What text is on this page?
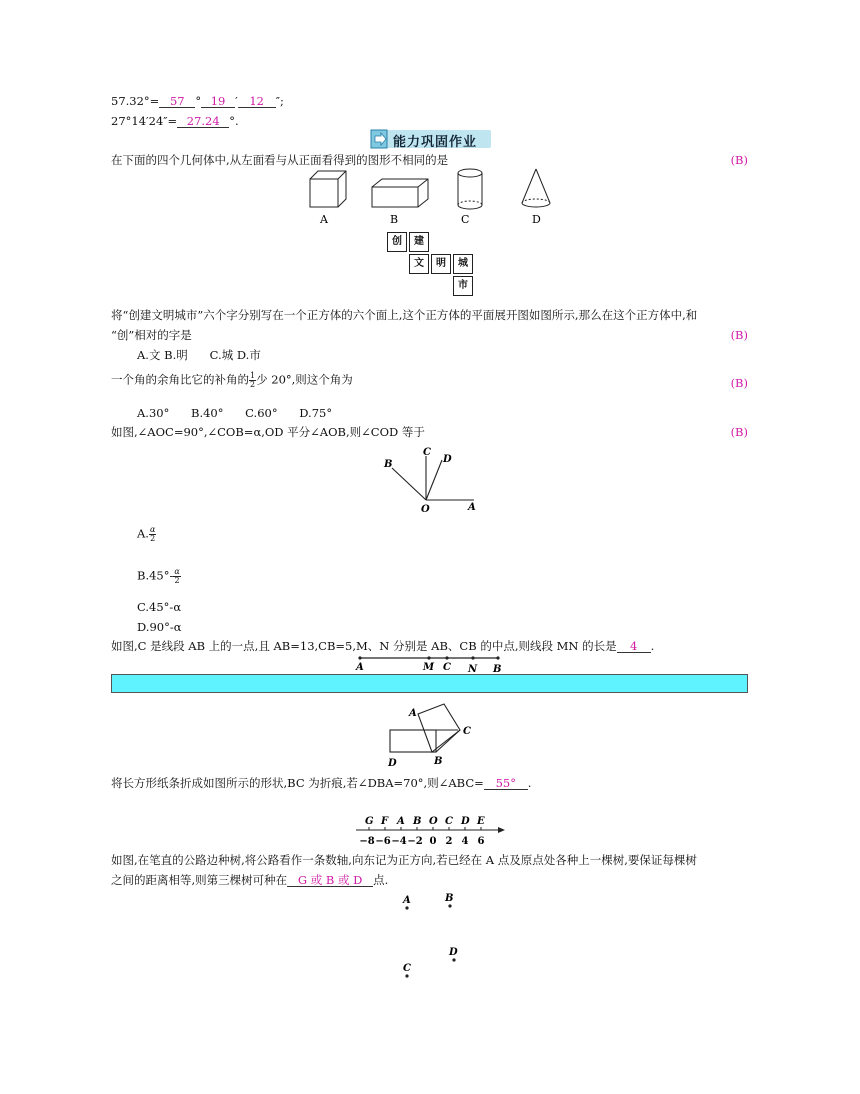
57.32°= 57 ° 19 ′ 12 ″;
27°14′24″= 27.24 °.
能力巩固作业
在下面的四个几何体中,从左面看与从正面看得到的图形不相同的是	(B)
A	B	C	D
创	建
文	明	城
市
将“创建文明城市”六个字分别写在一个正方体的六个面上,这个正方体的平面展开图如图所示,那么在这个正方体中,和
“创”相对的字是	(B)
A.文 B.明      C.城 D.市
一个角的余角比它的补角的 $\frac{1}{2}$ 少 20°,则这个角为	(B)
A.30° B.40° C.60° D.75°
如图,∠AOC=90°,∠COB=α,OD 平分∠AOB,则∠COD 等于	(B)
B
C
D
O	A
A. $\frac{\alpha}{2}$
$B.45^\circ- \frac{\alpha}{2}$
C.45°-α
D.90°-α
如图,C 是线段 AB 上的一点,且 AB=13,CB=5,M、N 分别是 AB、CB 的中点,则线段 MN 的长是 4 .
A	M C N B
A
C
D	B
将长方形纸条折成如图所示的形状,BC 为折痕,若∠DBA=70°,则∠ABC= 55° .
G F A B O C D E
−8 −6 −4 −2 0 2 4 6
如图,在笔直的公路边种树,将公路看作一条数轴,向东记为正方向,若已经在 A 点及原点处各种上一棵树,要保证每棵树
之间的距离相等,则第三棵树可种在 G 或 B 或 D 点.
A	B
D
C
